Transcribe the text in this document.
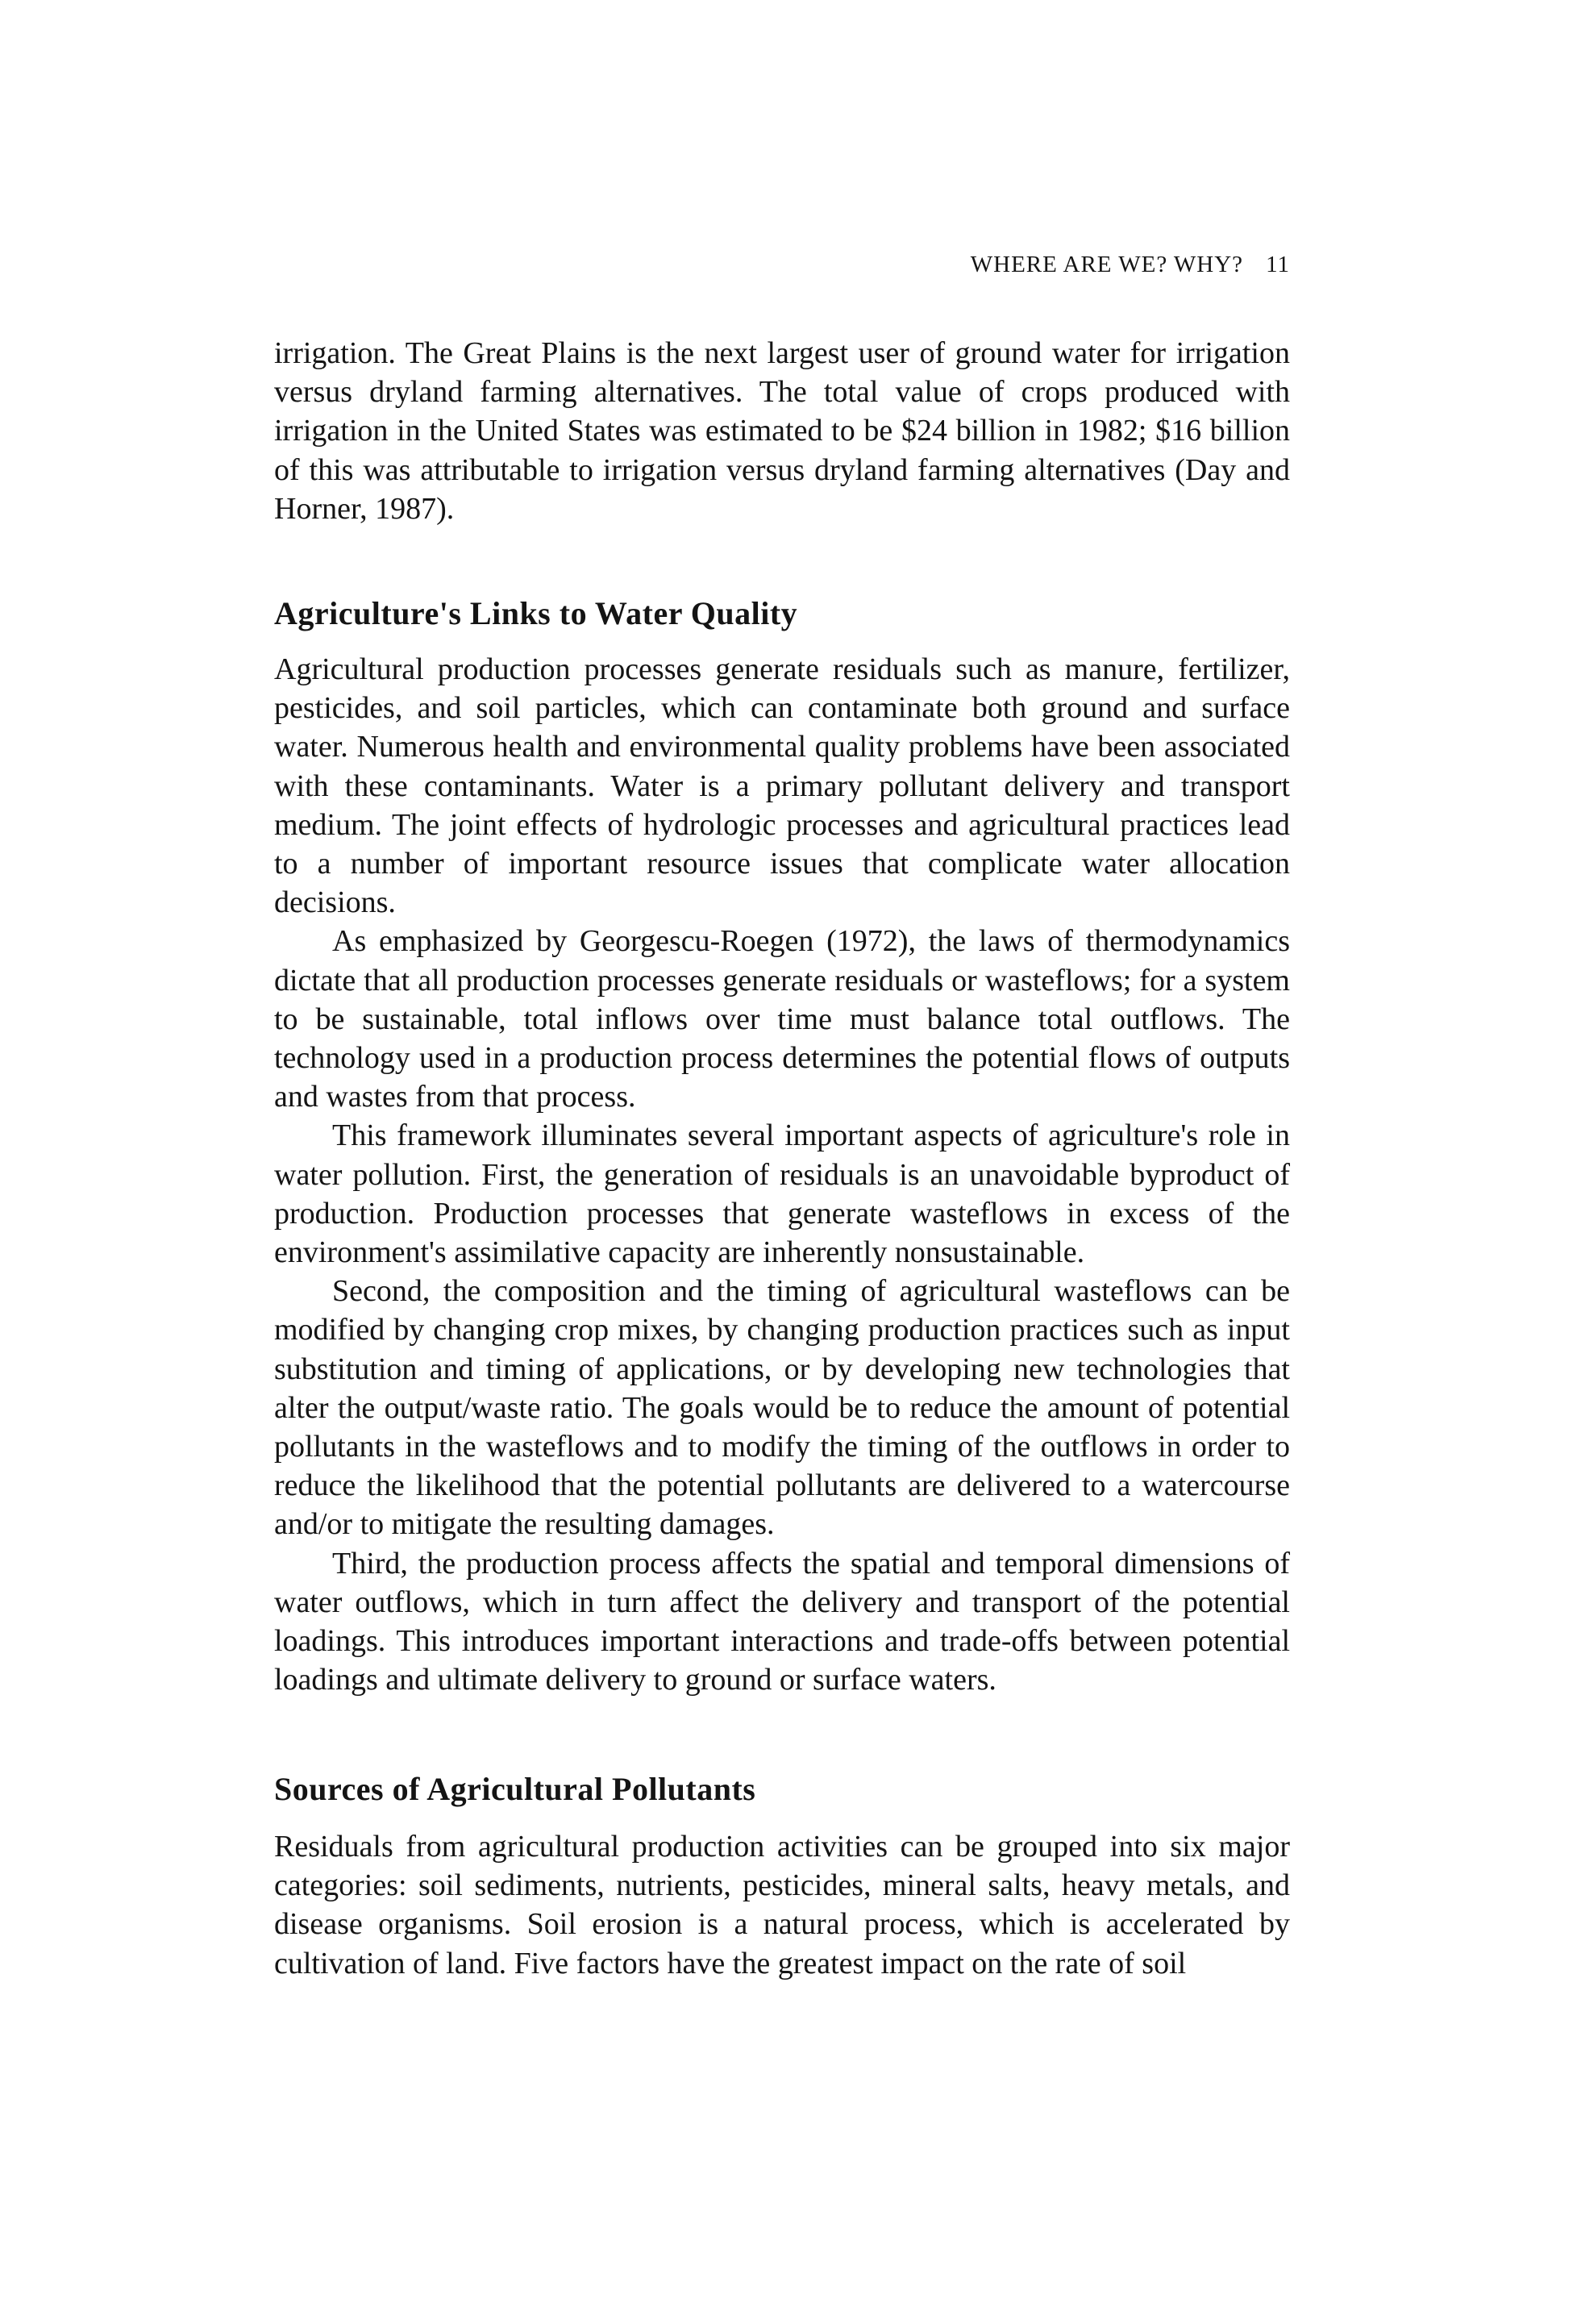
WHERE ARE WE? WHY? 11

irrigation. The Great Plains is the next largest user of ground water for irrigation versus dryland farming alternatives. The total value of crops produced with irrigation in the United States was estimated to be $24 billion in 1982; $16 billion of this was attributable to irrigation versus dryland farming alternatives (Day and Horner, 1987).

Agriculture's Links to Water Quality

Agricultural production processes generate residuals such as manure, fertilizer, pesticides, and soil particles, which can contaminate both ground and surface water. Numerous health and environmental quality problems have been associated with these contaminants. Water is a primary pollutant delivery and transport medium. The joint effects of hydrologic processes and agricultural practices lead to a number of important resource issues that complicate water allocation decisions.

As emphasized by Georgescu-Roegen (1972), the laws of thermodynamics dictate that all production processes generate residuals or wasteflows; for a system to be sustainable, total inflows over time must balance total outflows. The technology used in a production process determines the potential flows of outputs and wastes from that process.

This framework illuminates several important aspects of agriculture's role in water pollution. First, the generation of residuals is an unavoidable byproduct of production. Production processes that generate wasteflows in excess of the environment's assimilative capacity are inherently nonsustainable.

Second, the composition and the timing of agricultural wasteflows can be modified by changing crop mixes, by changing production practices such as input substitution and timing of applications, or by developing new technologies that alter the output/waste ratio. The goals would be to reduce the amount of potential pollutants in the wasteflows and to modify the timing of the outflows in order to reduce the likelihood that the potential pollutants are delivered to a watercourse and/or to mitigate the resulting damages.

Third, the production process affects the spatial and temporal dimensions of water outflows, which in turn affect the delivery and transport of the potential loadings. This introduces important interactions and trade-offs between potential loadings and ultimate delivery to ground or surface waters.

Sources of Agricultural Pollutants

Residuals from agricultural production activities can be grouped into six major categories: soil sediments, nutrients, pesticides, mineral salts, heavy metals, and disease organisms. Soil erosion is a natural process, which is accelerated by cultivation of land. Five factors have the greatest impact on the rate of soil
